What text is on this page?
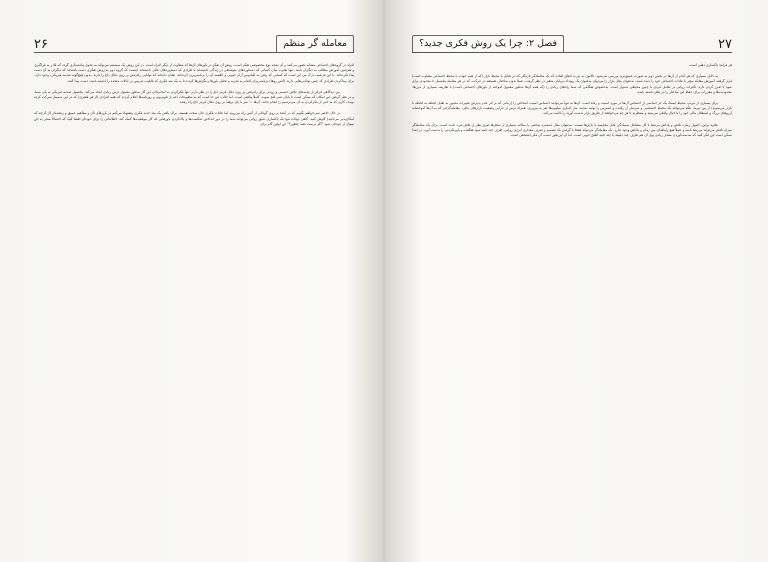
معامله گر منظم
۲۶

افراد در گروه‌های اجتماعی مشابه تصور می‌کنند و آن نتیجه نوع مخصوصی تفکر است، روش آن تفکر در باورهای آن‌ها که متفاوت از دیگر افراد است. در این روش یک سیستم می‌تواند به نحوی پیاده‌سازی گردد که قادر به فراگیری و هم‌چنین آموزش مطالب به دیگران باشد. تنها تفاوت میان کسانی که دستاوردهای متوسطی در زندگی داشته‌اند با افرادی که دستاوردهای عالی داشته‌اند اینست که گروه دوم به روش تفکری دست یافته‌اند که دیگران به آن دست پیدا نکرده‌اند. با این فرضیه، درک من این است که کسانی که رفتن به اقیانوس آرام جنوبی و اطعمه آن را برنامه‌ریزی کرده‌اند، نشان داده‌اند که توانایی راه‌رفتن بر روی ذغال داغ را دارند، بدون هیچ‌گونه صدمه فیزیکی، وجود دارد. برای پیداکردن افرادی که چنین توانایی‌هایی دارند (آتش رو‌ها) برنامه‌ریزان اقدام به تجربه و تحلیل باورها و نگرش‌ها کردند تا به یک متد فکری که قابلیت تدریس در ایالات متحده را داشته باشد، دست پیدا کنند.

من دیدگاهی فراتر از پیامدهای تلاش جسمی و روحی برای راه‌رفتن بر روی ذغال قرمز داغ را در نظر دارم. تنها فکرکردن به انجام‌دادن این کار به‌طور معمول ترس زیادی ایجاد می‌کند. پتانسیل صدمه فیزیکی به پای شما، و در نظر گرفتن این امکان که ممکن است تا پایان عمر فلج شوید، کاملاً واقعی است. اما جالب این جا است که به مطبوعات اعم از تلویزیون و روزنامه‌ها اعلام کردند که همه افرادی (از هر قشری) که در این سمینار شرکت کرده بودند، کاری که ما حتی از فکرکردن به آن می‌ترسیم را انجام دادند. آن‌ها ۱۰ متر با پای برهنه بر روی ذغال قرمز داغ راه رفتند.

در حال حاضر نمی‌خواهم بگویم که در آینده بر روی گودالی از آتش راه می‌روید اما عادات فکری جان سخت هستند. برای یافتن یک متد جدید فکری پیشنهاد می‌کنم در باورهای تان و مفاهیم عمیق و ریشه‌دار (از آن‌چه که امکان‌پذیر می‌دانید) کاوش کنید. گاهی اوقات تنها یک پاکسازی دقیق روانی می‌تواند شما را در دور انداختن شکست‌ها و پاک‌کردن باورهایی که کار موفقیت‌ها کمک کند. اطلاعاتی را برای خودتان افشا کنید که احتمالاً منجر به این سوال از خودتان شود "اگر درست نشد چطور؟" این اولین گام برای

۲۷
فصل ۲: چرا یک روش فکری جدید؟

هر فرایند پاکسازی ذهنی است.

به دلایل بسیاری که هر کدام از آن‌ها در بخش دوم به صورت عمیق‌تری بررسی می‌شود، تاکنون به ندرت اتفاق افتاده که یک معامله‌گر تازه‌کار که در تقابل با محیط بازار (که از همه جهات با محیط اجتماعی متفاوت است) قرار گرفته، آموزش مقابله مؤثر با عادات اجتماعی خود را دیده باشد. به‌عنوان مثال بازار را می‌توان به‌عنوان یک رویداد بی‌پایان متغیر در نظر گرفت، عملاً بدون ساختار، همیشه در حرکت، که در هر معامله پتانسیل تا محدودی برای سود یا ضرر کردن دارد. تأثیرات روانی در تعامل فردی با چنین محیطی دشوار است. به‌خصوص هنگامی که شما راه‌های زیادی را (که همه آن‌ها به‌طور معمول آموخته از باورهای اجتماعی است) با تعاریف بسیاری از مرزها، محدودیت‌ها و مقررات برای حفظ این ساختار را در نظر داشته باشد.

برای بسیاری از مردم، محیط ایستا، یک جز اساسی از احساس آن‌ها در مورد امنیت و رفاه است. آن‌ها نه تنها می‌توانند احساس امنیت اشخاص را (زمانی که بر اثر عدم پذیرش تغییرات مجبور به تقابل لحظه به لحظه با بازار می‌شوند) از بین ببرند، بلکه می‌توانند یک محیط احساسی و سرشار از رقابت و استرس را تولید نمایند. نیاز اجباری میلیون‌ها نفر به پیروزی، همراه ترس از خرابی وضعیت بازارهای مالی، معامله‌گرانی که به آن‌ها آموخته‌اند آرزوهای بزرگ و استقلال مالی خود را با خیال واقعی می‌بینند و منتظرند تا هر چه می‌خواهند از طریق بازار بدست آورند را ناامید می‌کند.

علاوه براین، اصول زمان، تلاش و پاداش مرتبط با کار مشاغل به‌سادگی قابل مقایسه با بازارها نیست. به‌عنوان مثال دستمزد ساعتی یا سالانه بسیاری از شغل‌ها صرف‌نظر از تلاش فرد، ثابت است. برای یک معامله‌گر میزان تلاش می‌تواند بی‌ربط باشد و عملاً هیچ رابطه‌ای بین زمان و پاداش وجود ندارد. یک معامله‌گر می‌تواند فقط با گرفتن یک تصمیم و صرف مقداری انرژی روانی، ظرف چند ثانیه سود هنگفت و باورنکردنی را بدست آورد. در ابتدا ممکن است این فکر کنید که به‌دست‌آوردن مقدار زیادی پول آن هم ظرف چند دقیقه یا چند ثانیه اتفاق خوبی است. اما آن این‌طور است، آن فکر اشتباهی است.
